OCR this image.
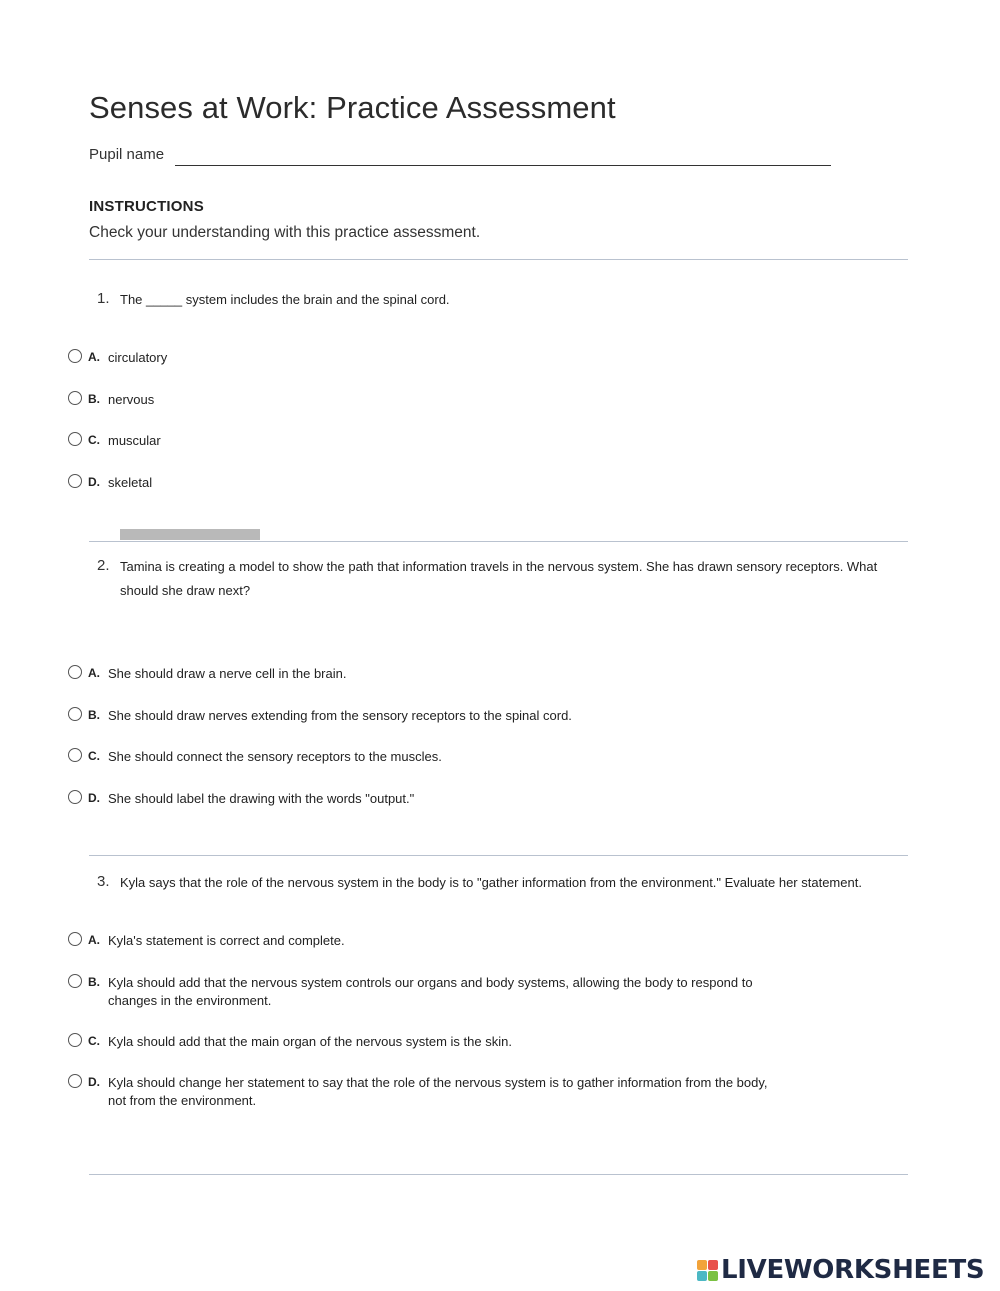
Senses at Work: Practice Assessment
Pupil name
INSTRUCTIONS
Check your understanding with this practice assessment.
1. The _____ system includes the brain and the spinal cord.
A. circulatory
B. nervous
C. muscular
D. skeletal
2. Tamina is creating a model to show the path that information travels in the nervous system. She has drawn sensory receptors. What should she draw next?
A. She should draw a nerve cell in the brain.
B. She should draw nerves extending from the sensory receptors to the spinal cord.
C. She should connect the sensory receptors to the muscles.
D. She should label the drawing with the words "output."
3. Kyla says that the role of the nervous system in the body is to "gather information from the environment." Evaluate her statement.
A. Kyla's statement is correct and complete.
B. Kyla should add that the nervous system controls our organs and body systems, allowing the body to respond to changes in the environment.
C. Kyla should add that the main organ of the nervous system is the skin.
D. Kyla should change her statement to say that the role of the nervous system is to gather information from the body, not from the environment.
LIVEWORKSHEETS
